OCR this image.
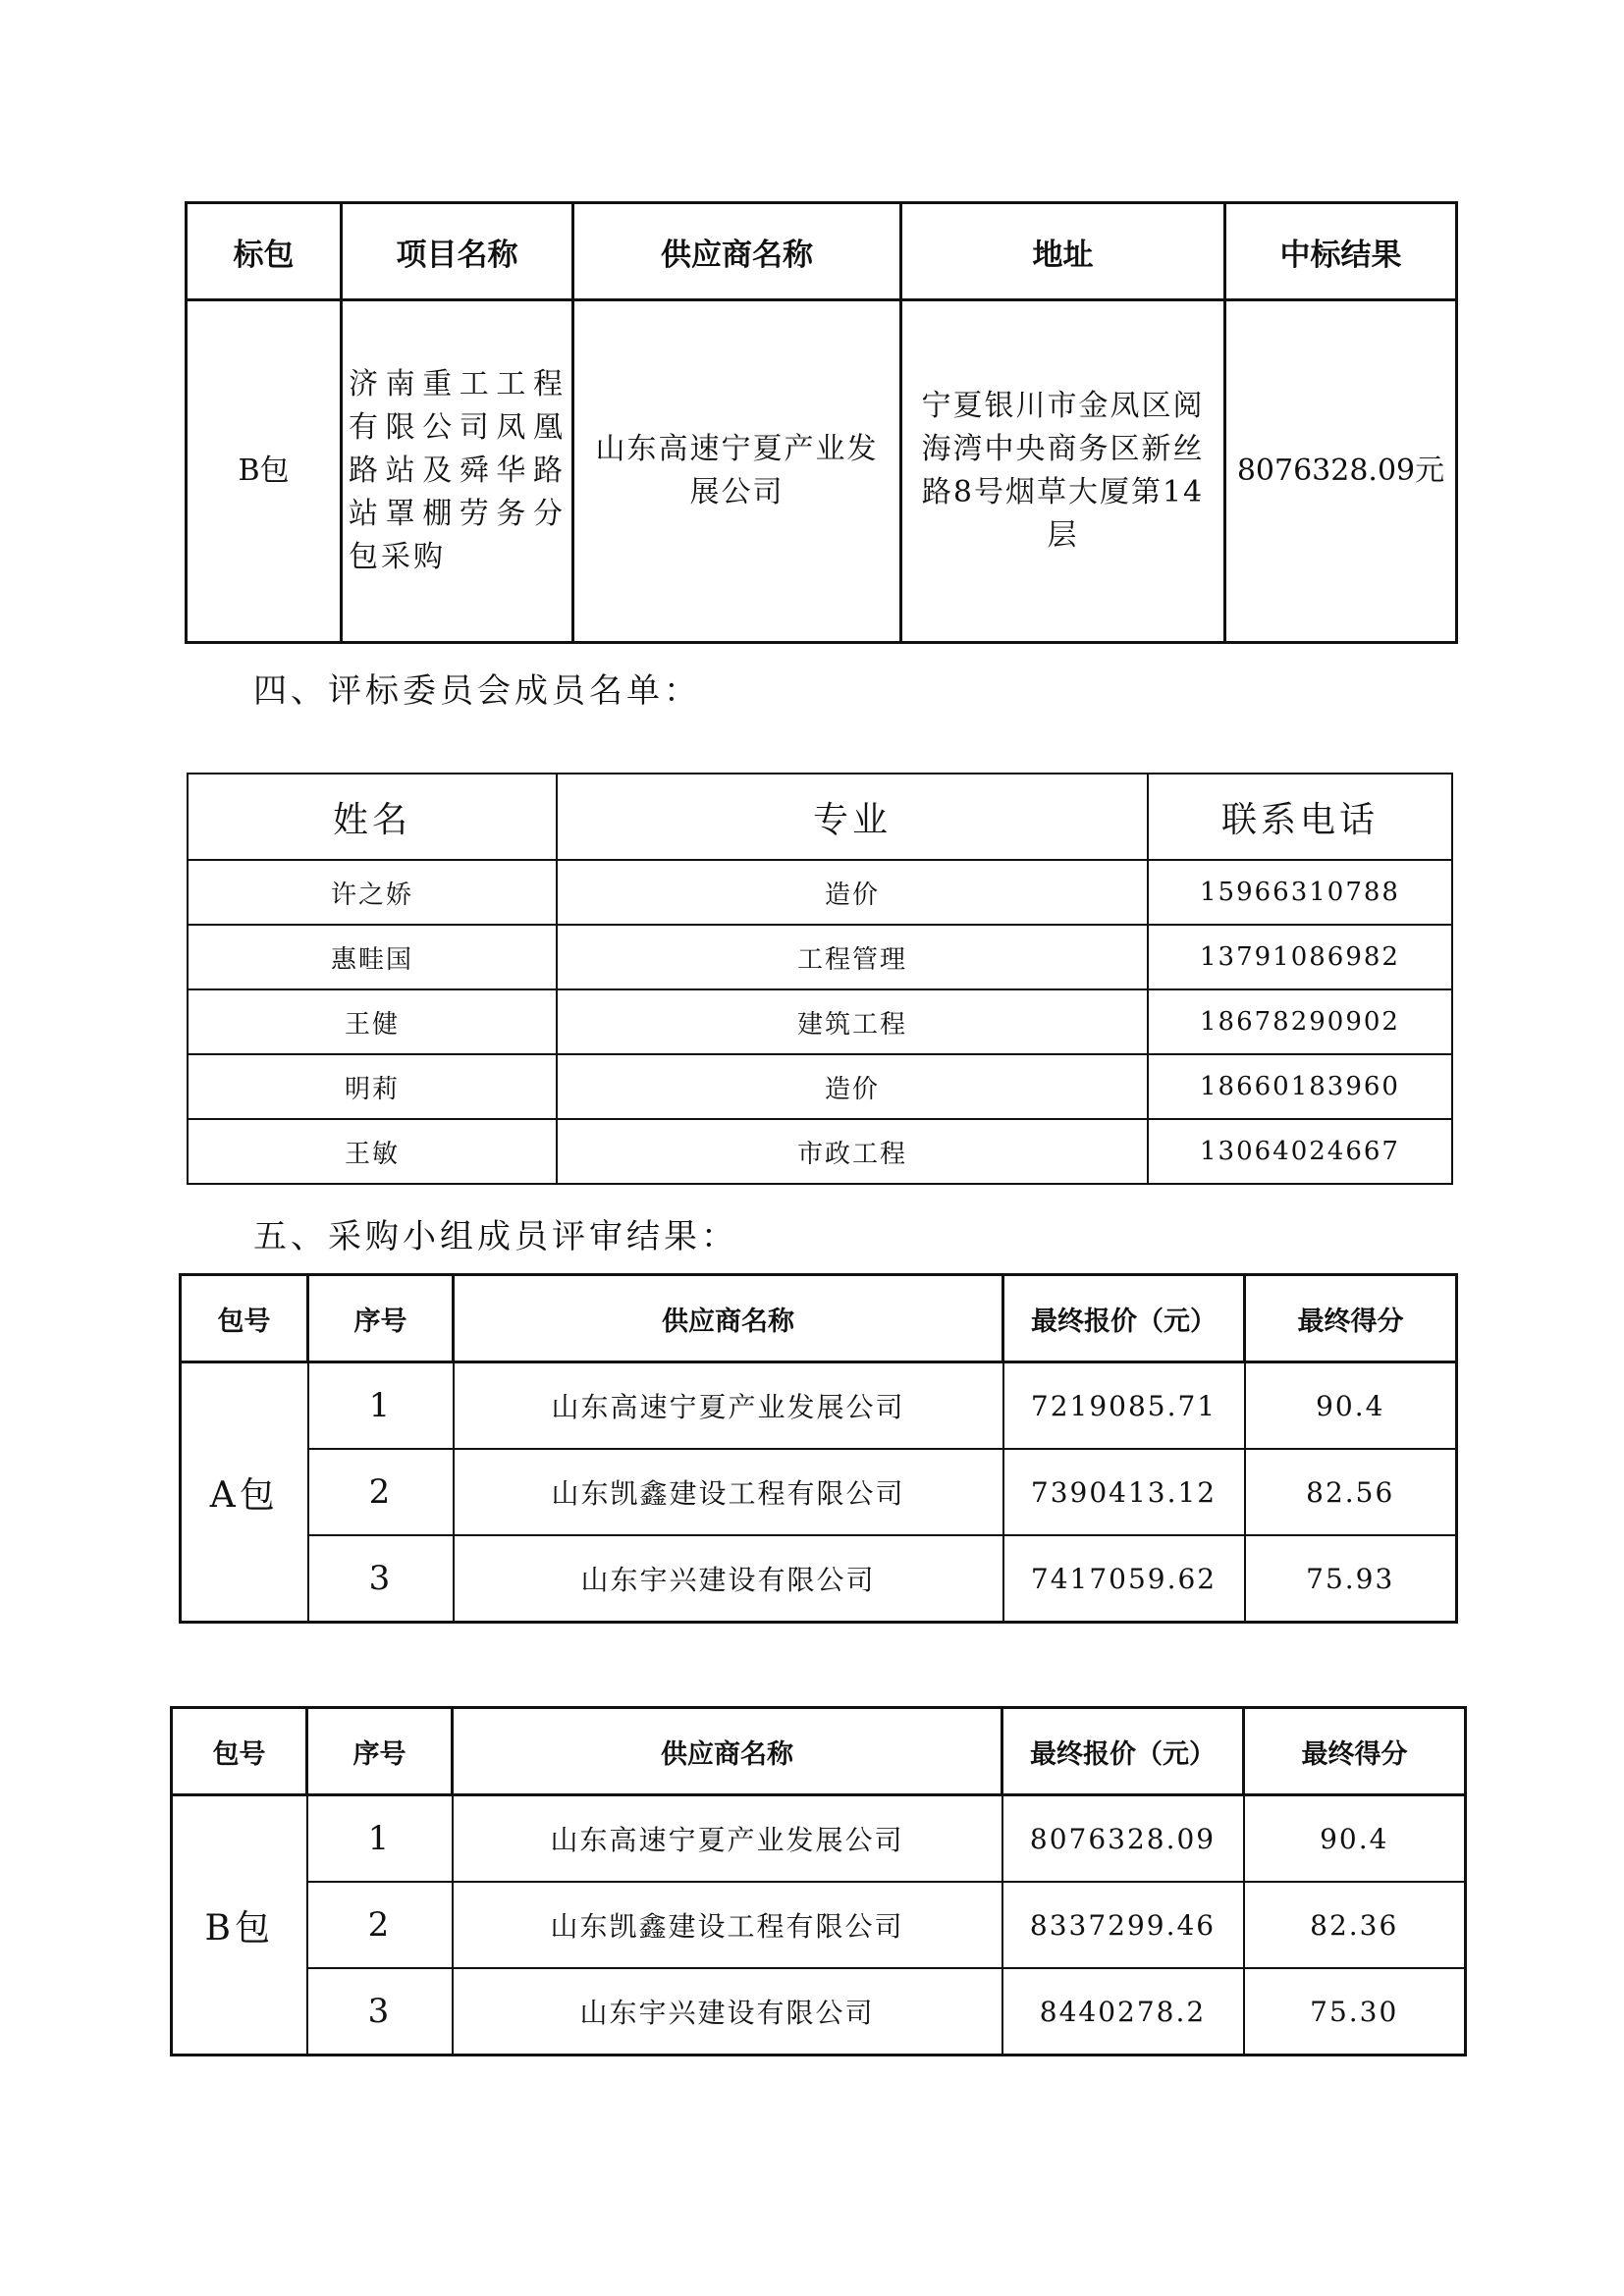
标包	项目名称	供应商名称	地址	中标结果
B包	济南重工工程有限公司凤凰路站及舜华路站罩棚劳务分包采购	山东高速宁夏产业发展公司	宁夏银川市金凤区阅海湾中央商务区新丝路8号烟草大厦第14层	8076328.09元
四、评标委员会成员名单：
姓名	专业	联系电话
许之娇	造价	15966310788
惠畦国	工程管理	13791086982
王健	建筑工程	18678290902
明莉	造价	18660183960
王敏	市政工程	13064024667
五、采购小组成员评审结果：
包号	序号	供应商名称	最终报价（元）	最终得分
A包	1	山东高速宁夏产业发展公司	7219085.71	90.4
	2	山东凯鑫建设工程有限公司	7390413.12	82.56
	3	山东宇兴建设有限公司	7417059.62	75.93
包号	序号	供应商名称	最终报价（元）	最终得分
B包	1	山东高速宁夏产业发展公司	8076328.09	90.4
	2	山东凯鑫建设工程有限公司	8337299.46	82.36
	3	山东宇兴建设有限公司	8440278.2	75.30
